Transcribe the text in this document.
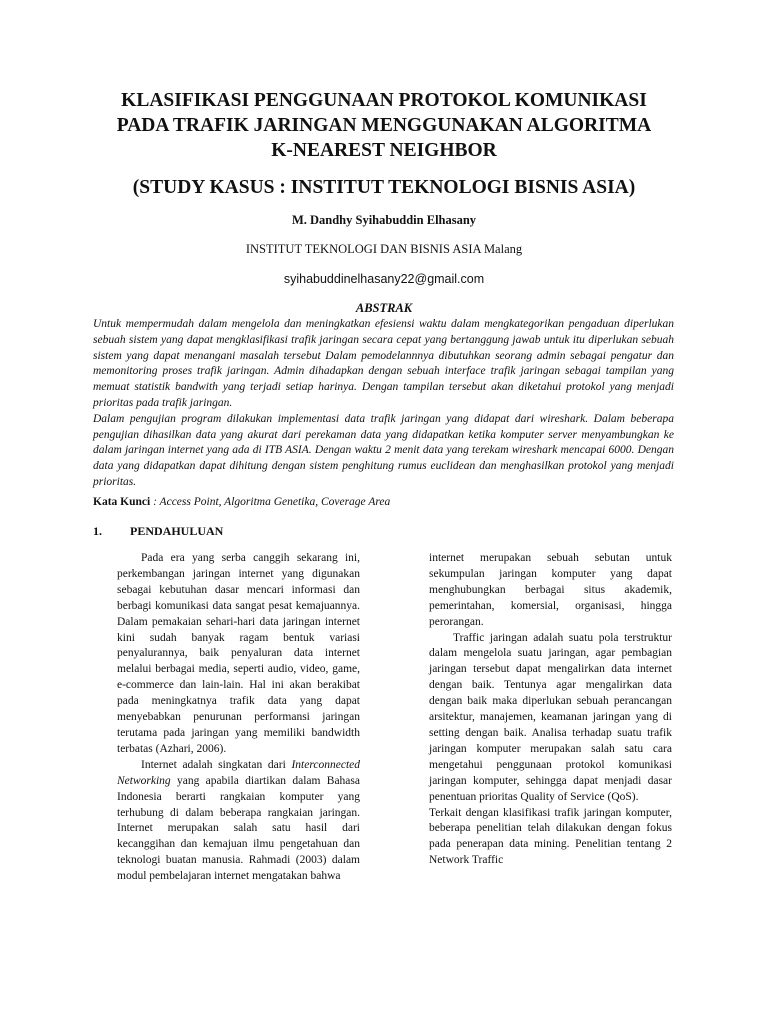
KLASIFIKASI PENGGUNAAN PROTOKOL KOMUNIKASI
PADA TRAFIK JARINGAN MENGGUNAKAN ALGORITMA
K-NEAREST NEIGHBOR
(STUDY KASUS : INSTITUT TEKNOLOGI BISNIS ASIA)
M. Dandhy Syihabuddin Elhasany
INSTITUT TEKNOLOGI DAN BISNIS ASIA Malang
syihabuddinelhasany22@gmail.com
ABSTRAK

Untuk mempermudah dalam mengelola dan meningkatkan efesiensi waktu dalam mengkategorikan pengaduan diperlukan sebuah sistem yang dapat mengklasifikasi trafik jaringan secara cepat yang bertanggung jawab untuk itu diperlukan sebuah sistem yang dapat menangani masalah tersebut Dalam pemodelannnya dibutuhkan seorang admin sebagai pengatur dan memonitoring proses trafik jaringan. Admin dihadapkan dengan sebuah interface trafik jaringan sebagai tampilan yang memuat statistik bandwith yang terjadi setiap harinya. Dengan tampilan tersebut akan diketahui protokol yang menjadi prioritas pada trafik jaringan.

Dalam pengujian program dilakukan implementasi data trafik jaringan yang didapat dari wireshark. Dalam beberapa pengujian dihasilkan data yang akurat dari perekaman data yang didapatkan ketika komputer server menyambungkan ke dalam jaringan internet yang ada di ITB ASIA. Dengan waktu 2 menit data yang terekam wireshark mencapai 6000. Dengan data yang didapatkan dapat dihitung dengan sistem penghitung rumus euclidean dan menghasilkan protokol yang menjadi prioritas.

Kata Kunci : Access Point, Algoritma Genetika, Coverage Area
1. PENDAHULUAN

Pada era yang serba canggih sekarang ini, perkembangan jaringan internet yang digunakan sebagai kebutuhan dasar mencari informasi dan berbagi komunikasi data sangat pesat kemajuannya. Dalam pemakaian sehari-hari data jaringan internet kini sudah banyak ragam bentuk variasi penyalurannya, baik penyaluran data internet melalui berbagai media, seperti audio, video, game, e-commerce dan lain-lain. Hal ini akan berakibat pada meningkatnya trafik data yang dapat menyebabkan penurunan performansi jaringan terutama pada jaringan yang memiliki bandwidth terbatas (Azhari, 2006).

Internet adalah singkatan dari Interconnected Networking yang apabila diartikan dalam Bahasa Indonesia berarti rangkaian komputer yang terhubung di dalam beberapa rangkaian jaringan. Internet merupakan salah satu hasil dari kecanggihan dan kemajuan ilmu pengetahuan dan teknologi buatan manusia. Rahmadi (2003) dalam modul pembelajaran internet mengatakan bahwa

internet merupakan sebuah sebutan untuk sekumpulan jaringan komputer yang dapat menghubungkan berbagai situs akademik, pemerintahan, komersial, organisasi, hingga perorangan.

Traffic jaringan adalah suatu pola terstruktur dalam mengelola suatu jaringan, agar pembagian jaringan tersebut dapat mengalirkan data internet dengan baik. Tentunya agar mengalirkan data dengan baik maka diperlukan sebuah perancangan arsitektur, manajemen, keamanan jaringan yang di setting dengan baik. Analisa terhadap suatu trafik jaringan komputer merupakan salah satu cara mengetahui penggunaan protokol komunikasi jaringan komputer, sehingga dapat menjadi dasar penentuan prioritas Quality of Service (QoS).

Terkait dengan klasifikasi trafik jaringan komputer, beberapa penelitian telah dilakukan dengan fokus pada penerapan data mining. Penelitian tentang 2 Network Traffic
